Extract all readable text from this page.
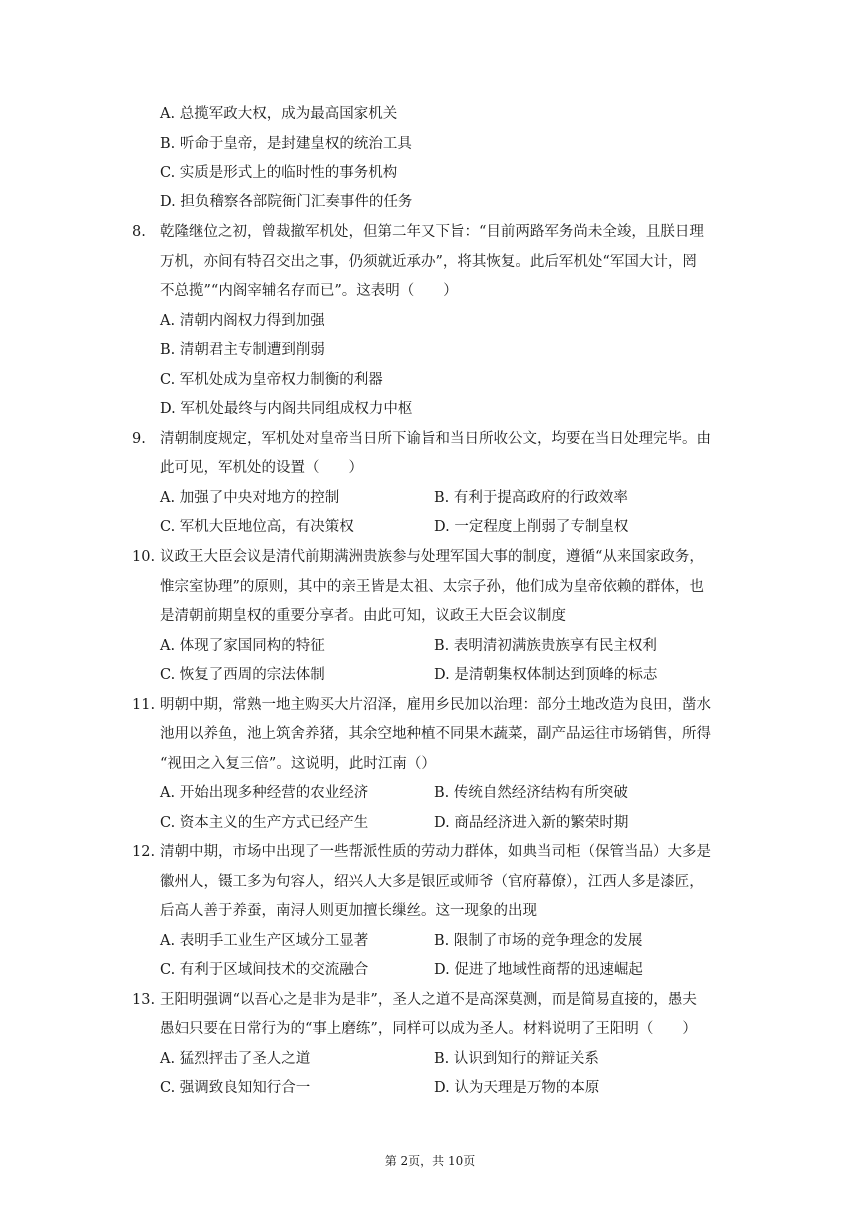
A. 总揽军政大权，成为最高国家机关
B. 听命于皇帝，是封建皇权的统治工具
C. 实质是形式上的临时性的事务机构
D. 担负稽察各部院衙门汇奏事件的任务
8. 乾隆继位之初，曾裁撤军机处，但第二年又下旨：“目前两路军务尚未全竣，且朕日理
万机，亦间有特召交出之事，仍须就近承办”，将其恢复。此后军机处“军国大计，罔
不总揽”“内阁宰辅名存而已”。这表明（　　）
A. 清朝内阁权力得到加强
B. 清朝君主专制遭到削弱
C. 军机处成为皇帝权力制衡的利器
D. 军机处最终与内阁共同组成权力中枢
9. 清朝制度规定，军机处对皇帝当日所下谕旨和当日所收公文，均要在当日处理完毕。由
此可见，军机处的设置（　　）
A. 加强了中央对地方的控制	B. 有利于提高政府的行政效率
C. 军机大臣地位高，有决策权	D. 一定程度上削弱了专制皇权
10. 议政王大臣会议是清代前期满洲贵族参与处理军国大事的制度，遵循“从来国家政务，
惟宗室协理”的原则，其中的亲王皆是太祖、太宗子孙，他们成为皇帝依赖的群体，也
是清朝前期皇权的重要分享者。由此可知，议政王大臣会议制度
A. 体现了家国同构的特征	B. 表明清初满族贵族享有民主权利
C. 恢复了西周的宗法体制	D. 是清朝集权体制达到顶峰的标志
11. 明朝中期，常熟一地主购买大片沼泽，雇用乡民加以治理：部分土地改造为良田，凿水
池用以养鱼，池上筑舍养猪，其余空地种植不同果木蔬菜，副产品运往市场销售，所得
“视田之入复三倍”。这说明，此时江南（）
A. 开始出现多种经营的农业经济	B. 传统自然经济结构有所突破
C. 资本主义的生产方式已经产生	D. 商品经济进入新的繁荣时期
12. 清朝中期，市场中出现了一些帮派性质的劳动力群体，如典当司柜（保管当品）大多是
徽州人，镊工多为句容人，绍兴人大多是银匠或师爷（官府幕僚），江西人多是漆匠，
后高人善于养蚕，南浔人则更加擅长缫丝。这一现象的出现
A. 表明手工业生产区域分工显著	B. 限制了市场的竞争理念的发展
C. 有利于区域间技术的交流融合	D. 促进了地域性商帮的迅速崛起
13. 王阳明强调“以吾心之是非为是非”，圣人之道不是高深莫测，而是简易直接的，愚夫
愚妇只要在日常行为的“事上磨练”，同样可以成为圣人。材料说明了王阳明（　　）
A. 猛烈抨击了圣人之道	B. 认识到知行的辩证关系
C. 强调致良知知行合一	D. 认为天理是万物的本原
第 2页，共 10页
